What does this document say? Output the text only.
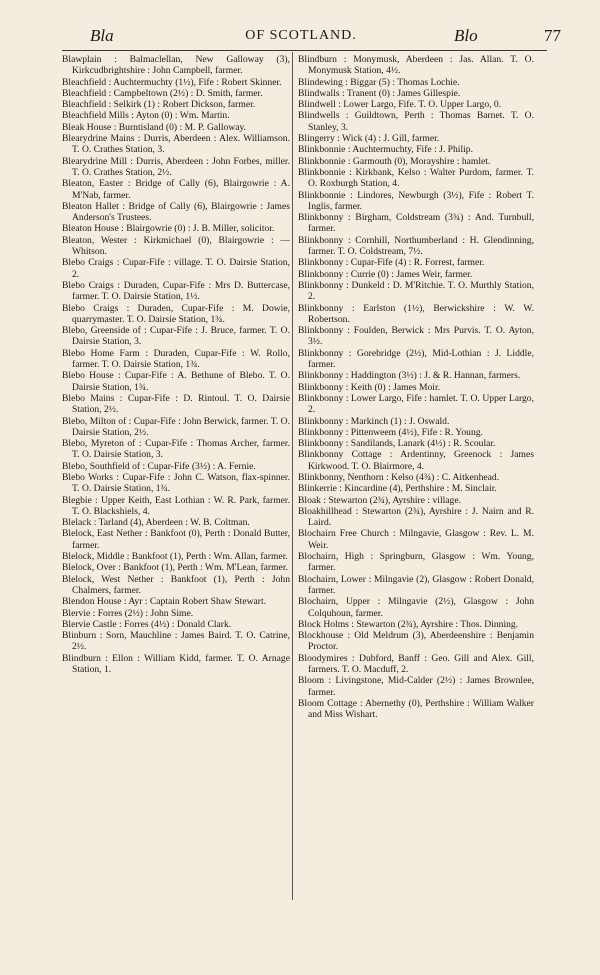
Bla	OF SCOTLAND.	Blo	77

Blawplain : Balmaclellan, New Galloway (3), Kirkcudbrightshire : John Campbell, farmer.

Bleachfield : Auchtermuchty (1½), Fife : Robert Skinner.

Bleachfield : Campbeltown (2½) : D. Smith, farmer.

Bleachfield : Selkirk (1) : Robert Dickson, farmer.

Bleachfield Mills : Ayton (0) : Wm. Martin.

Bleak House : Burntisland (0) : M. P. Galloway.

Blearydrine Mains : Durris, Aberdeen : Alex. Williamson. T. O. Crathes Station, 3.

Blearydrine Mill : Durris, Aberdeen : John Forbes, miller. T. O. Crathes Station, 2½.

Bleaton, Easter : Bridge of Cally (6), Blairgowrie : A. M'Nab, farmer.

Bleaton Hallet : Bridge of Cally (6), Blairgowrie : James Anderson's Trustees.

Bleaton House : Blairgowrie (0) : J. B. Miller, solicitor.

Bleaton, Wester : Kirkmichael (0), Blairgowrie : — Whitson.

Blebo Craigs : Cupar-Fife : village. T. O. Dairsie Station, 2.

Blebo Craigs : Duraden, Cupar-Fife : Mrs D. Buttercase, farmer. T. O. Dairsie Station, 1½.

Blebo Craigs : Duraden, Cupar-Fife : M. Dowie, quarrymaster. T. O. Dairsie Station, 1¾.

Blebo, Greenside of : Cupar-Fife : J. Bruce, farmer. T. O. Dairsie Station, 3.

Blebo Home Farm : Duraden, Cupar-Fife : W. Rollo, farmer. T. O. Dairsie Station, 1¾.

Blebo House : Cupar-Fife : A. Bethune of Blebo. T. O. Dairsie Station, 1¾.

Blebo Mains : Cupar-Fife : D. Rintoul. T. O. Dairsie Station, 2½.

Blebo, Milton of : Cupar-Fife : John Berwick, farmer. T. O. Dairsie Station, 2½.

Blebo, Myreton of : Cupar-Fife : Thomas Archer, farmer. T. O. Dairsie Station, 3.

Blebo, Southfield of : Cupar-Fife (3½) : A. Fernie.

Blebo Works : Cupar-Fife : John C. Watson, flax-spinner. T. O. Dairsie Station, 1¾.

Blegbie : Upper Keith, East Lothian : W. R. Park, farmer. T. O. Blackshiels, 4.

Blelack : Tarland (4), Aberdeen : W. B. Coltman.

Blelock, East Nether : Bankfoot (0), Perth : Donald Butter, farmer.

Blelock, Middle : Bankfoot (1), Perth : Wm. Allan, farmer.

Blelock, Over : Bankfoot (1), Perth : Wm. M'Lean, farmer.

Blelock, West Nether : Bankfoot (1), Perth : John Chalmers, farmer.

Blendon House : Ayr : Captain Robert Shaw Stewart.

Blervie : Forres (2½) : John Sime.

Blervie Castle : Forres (4½) : Donald Clark.

Blinburn : Sorn, Mauchline : James Baird. T. O. Catrine, 2½.

Blindburn : Ellon : William Kidd, farmer. T. O. Arnage Station, 1.

Blindburn : Monymusk, Aberdeen : Jas. Allan. T. O. Monymusk Station, 4½.

Blindewing : Biggar (5) : Thomas Lochie.

Blindwalls : Tranent (0) : James Gillespie.

Blindwell : Lower Largo, Fife. T. O. Upper Largo, 0.

Blindwells : Guildtown, Perth : Thomas Barnet. T. O. Stanley, 3.

Blingerry : Wick (4) : J. Gill, farmer.

Blinkbonnie : Auchtermuchty, Fife : J. Philip.

Blinkbonnie : Garmouth (0), Morayshire : hamlet.

Blinkbonnie : Kirkbank, Kelso : Walter Purdom, farmer. T. O. Roxburgh Station, 4.

Blinkbonnie : Lindores, Newburgh (3½), Fife : Robert T. Inglis, farmer.

Blinkbonny : Birgham, Coldstream (3¾) : And. Turnbull, farmer.

Blinkbonny : Cornhill, Northumberland : H. Glendinning, farmer. T. O. Coldstream, 7½.

Blinkbonny : Cupar-Fife (4) : R. Forrest, farmer.

Blinkbonny : Currie (0) : James Weir, farmer.

Blinkbonny : Dunkeld : D. M'Ritchie. T. O. Murthly Station, 2.

Blinkbonny : Earlston (1½), Berwickshire : W. W. Robertson.

Blinkbonny : Foulden, Berwick : Mrs Purvis. T. O. Ayton, 3½.

Blinkbonny : Gorebridge (2½), Mid-Lothian : J. Liddle, farmer.

Blinkbonny : Haddington (3½) : J. & R. Hannan, farmers.

Blinkbonny : Keith (0) : James Moir.

Blinkbonny : Lower Largo, Fife : hamlet. T. O. Upper Largo, 2.

Blinkbonny : Markinch (1) : J. Oswald.

Blinkbonny : Pittenweem (4½), Fife : R. Young.

Blinkbonny : Sandilands, Lanark (4½) : R. Scoular.

Blinkbonny Cottage : Ardentinny, Greenock : James Kirkwood. T. O. Blairmore, 4.

Blinkbonny, Nenthorn : Kelso (4¾) : C. Aitkenhead.

Blinkerrie : Kincardine (4), Perthshire : M. Sinclair.

Bloak : Stewarton (2¾), Ayrshire : village.

Bloakhillhead : Stewarton (2¾), Ayrshire : J. Nairn and R. Laird.

Blochairn Free Church : Milngavie, Glasgow : Rev. L. M. Weir.

Blochairn, High : Springburn, Glasgow : Wm. Young, farmer.

Blochairn, Lower : Milngavie (2), Glasgow : Robert Donald, farmer.

Blochairn, Upper : Milngavie (2½), Glasgow : John Colquhoun, farmer.

Block Holms : Stewarton (2¾), Ayrshire : Thos. Dinning.

Blockhouse : Old Meldrum (3), Aberdeenshire : Benjamin Proctor.

Bloodymires : Dubford, Banff : Geo. Gill and Alex. Gill, farmers. T. O. Macduff, 2.

Bloom : Livingstone, Mid-Calder (2½) : James Brownlee, farmer.

Bloom Cottage : Abernethy (0), Perthshire : William Walker and Miss Wishart.
